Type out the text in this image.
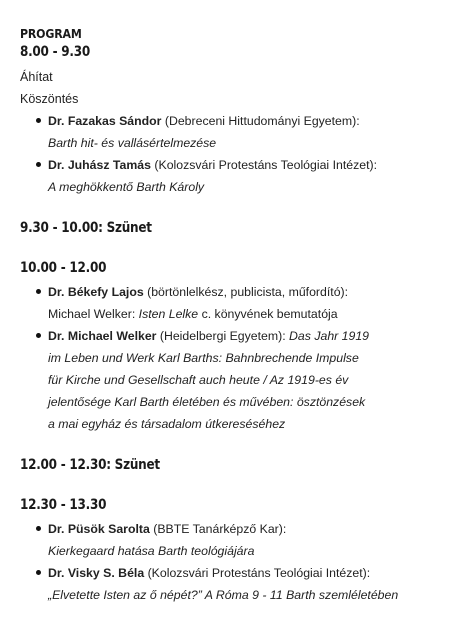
PROGRAM
8.00 - 9.30
Áhítat
Köszöntés
Dr. Fazakas Sándor (Debreceni Hittudományi Egyetem):
Barth hit- és vallásértelmezése
Dr. Juhász Tamás (Kolozsvári Protestáns Teológiai Intézet):
A meghökkentő Barth Károly
9.30 - 10.00: Szünet
10.00 - 12.00
Dr. Békefy Lajos (börtönlelkész, publicista, műfordító):
Michael Welker: Isten Lelke c. könyvének bemutatója
Dr. Michael Welker (Heidelbergi Egyetem): Das Jahr 1919
im Leben und Werk Karl Barths: Bahnbrechende Impulse
für Kirche und Gesellschaft auch heute / Az 1919-es év
jelentősége Karl Barth életében és művében: ösztönzések
a mai egyház és társadalom útkereséséhez
12.00 - 12.30: Szünet
12.30 - 13.30
Dr. Püsök Sarolta (BBTE Tanárképző Kar):
Kierkegaard hatása Barth teológiájára
Dr. Visky S. Béla (Kolozsvári Protestáns Teológiai Intézet):
„Elvetette Isten az ő népét?” A Róma 9 - 11 Barth szemléletében
